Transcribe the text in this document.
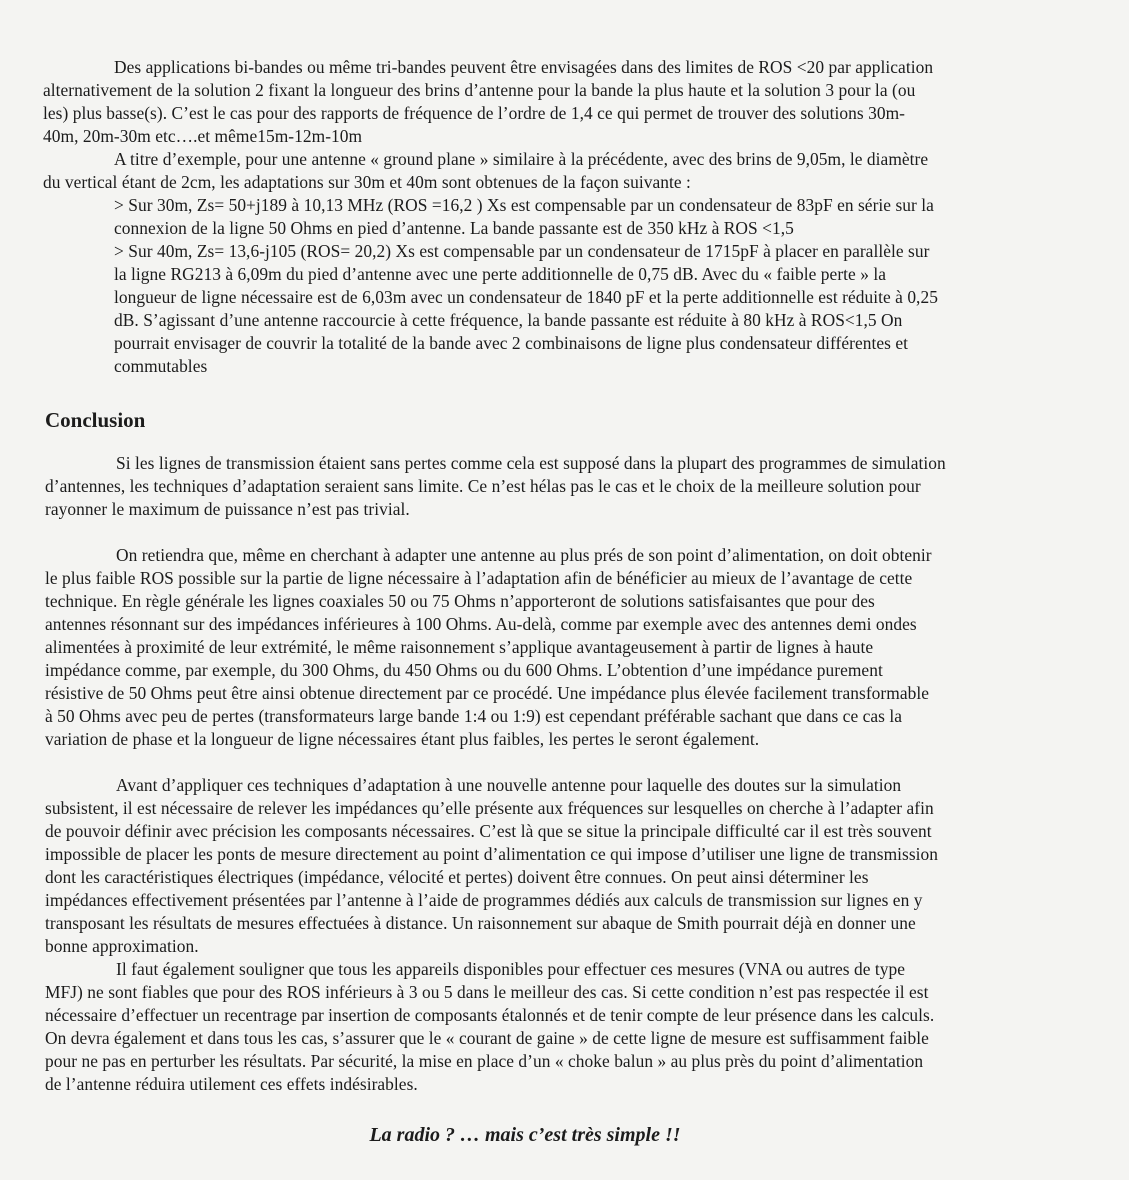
Des applications bi-bandes ou même tri-bandes peuvent être envisagées dans des limites de ROS <20 par application
alternativement de la solution 2 fixant la longueur des brins d’antenne pour la bande la plus haute et la solution 3 pour la (ou
les) plus basse(s). C’est le cas pour des rapports de fréquence de l’ordre de 1,4 ce qui permet de trouver des solutions 30m-
40m, 20m-30m etc….et même15m-12m-10m
A titre d’exemple, pour une antenne « ground plane » similaire à la précédente, avec des brins de 9,05m, le diamètre
du vertical étant de 2cm, les adaptations sur 30m et 40m sont obtenues de la façon suivante :
> Sur 30m, Zs= 50+j189 à 10,13 MHz (ROS =16,2 ) Xs est compensable par un condensateur de 83pF en série sur la
connexion de la ligne 50 Ohms en pied d’antenne. La bande passante est de 350 kHz à ROS <1,5
> Sur 40m, Zs= 13,6-j105 (ROS= 20,2) Xs est compensable par un condensateur de 1715pF à placer en parallèle sur
la ligne RG213 à 6,09m du pied d’antenne avec une perte additionnelle de 0,75 dB. Avec du « faible perte » la
longueur de ligne nécessaire est de 6,03m avec un condensateur de 1840 pF et la perte additionnelle est réduite à 0,25
dB. S’agissant d’une antenne raccourcie à cette fréquence, la bande passante est réduite à 80 kHz à ROS<1,5 On
pourrait envisager de couvrir la totalité de la bande avec 2 combinaisons de ligne plus condensateur différentes et
commutables
Conclusion
Si les lignes de transmission étaient sans pertes comme cela est supposé dans la plupart des programmes de simulation
d’antennes, les techniques d’adaptation seraient sans limite. Ce n’est hélas pas le cas et le choix de la meilleure solution pour
rayonner le maximum de puissance n’est pas trivial.
On retiendra que, même en cherchant à adapter une antenne au plus prés de son point d’alimentation, on doit obtenir
le plus faible ROS possible sur la partie de ligne nécessaire à l’adaptation afin de bénéficier au mieux de l’avantage de cette
technique. En règle générale les lignes coaxiales 50 ou 75 Ohms n’apporteront de solutions satisfaisantes que pour des
antennes résonnant sur des impédances inférieures à 100 Ohms. Au-delà, comme par exemple avec des antennes demi ondes
alimentées à proximité de leur extrémité, le même raisonnement s’applique avantageusement à partir de lignes à haute
impédance comme, par exemple, du 300 Ohms, du 450 Ohms ou du 600 Ohms. L’obtention d’une impédance purement
résistive de 50 Ohms peut être ainsi obtenue directement par ce procédé. Une impédance plus élevée facilement transformable
à 50 Ohms avec peu de pertes (transformateurs large bande 1:4 ou 1:9) est cependant préférable sachant que dans ce cas la
variation de phase et la longueur de ligne nécessaires étant plus faibles, les pertes le seront également.
Avant d’appliquer ces techniques d’adaptation à une nouvelle antenne pour laquelle des doutes sur la simulation
subsistent, il est nécessaire de relever les impédances qu’elle présente aux fréquences sur lesquelles on cherche à l’adapter afin
de pouvoir définir avec précision les composants nécessaires. C’est là que se situe la principale difficulté car il est très souvent
impossible de placer les ponts de mesure directement au point d’alimentation ce qui impose d’utiliser une ligne de transmission
dont les caractéristiques électriques (impédance, vélocité et pertes) doivent être connues. On peut ainsi déterminer les
impédances effectivement présentées par l’antenne à l’aide de programmes dédiés aux calculs de transmission sur lignes en y
transposant les résultats de mesures effectuées à distance. Un raisonnement sur abaque de Smith pourrait déjà en donner une
bonne approximation.
Il faut également souligner que tous les appareils disponibles pour effectuer ces mesures (VNA ou autres de type
MFJ) ne sont fiables que pour des ROS inférieurs à 3 ou 5 dans le meilleur des cas. Si cette condition n’est pas respectée il est
nécessaire d’effectuer un recentrage par insertion de composants étalonnés et de tenir compte de leur présence dans les calculs.
On devra également et dans tous les cas, s’assurer que le « courant de gaine » de cette ligne de mesure est suffisamment faible
pour ne pas en perturber les résultats. Par sécurité, la mise en place d’un « choke balun » au plus près du point d’alimentation
de l’antenne réduira utilement ces effets indésirables.
La radio ? … mais c’est très simple !!
